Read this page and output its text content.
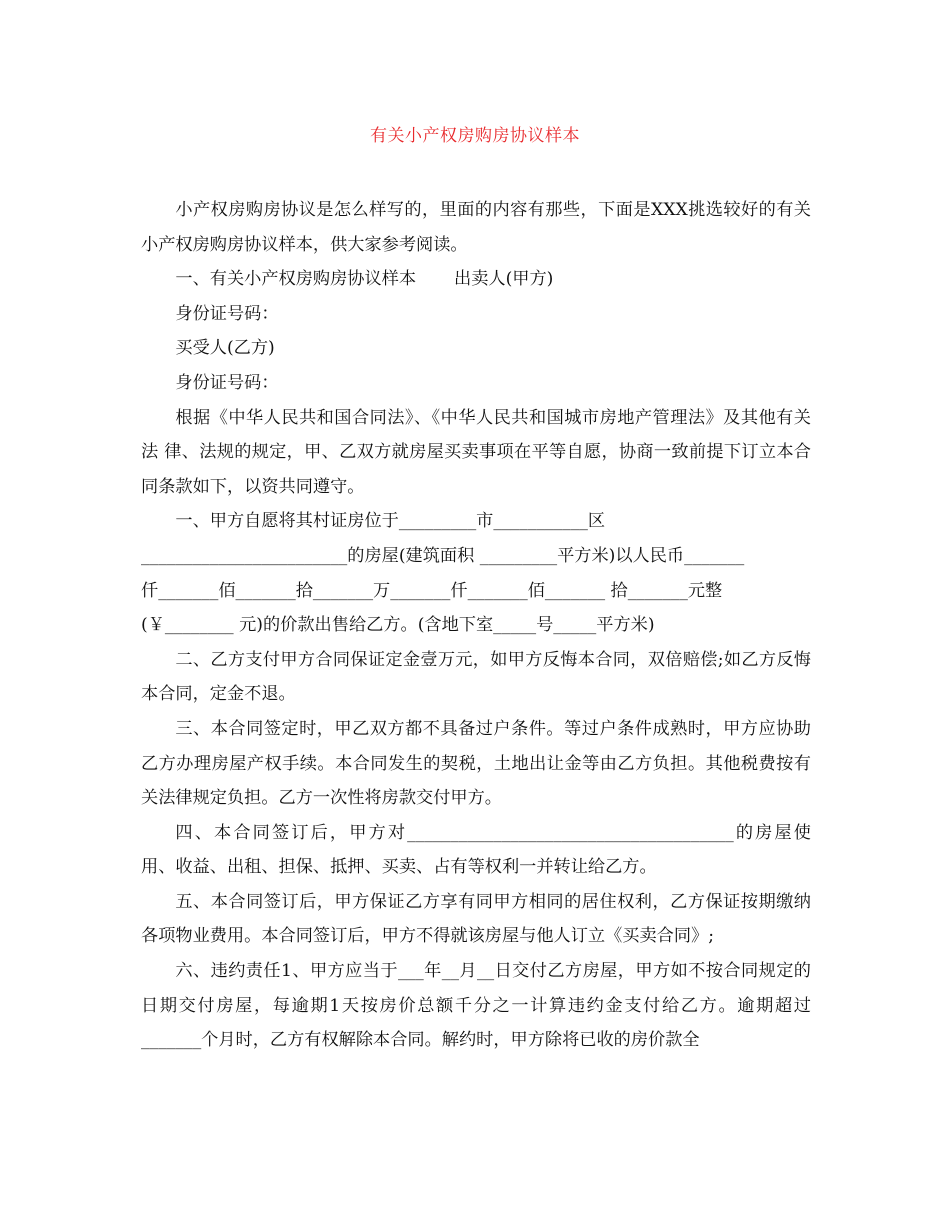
有关小产权房购房协议样本

小产权房购房协议是怎么样写的，里面的内容有那些，下面是XXX挑选较好的有关小产权房购房协议样本，供大家参考阅读。

一、有关小产权房购房协议样本 出卖人(甲方)

身份证号码：

买受人(乙方)

身份证号码：

根据《中华人民共和国合同法》、《中华人民共和国城市房地产管理法》及其他有关法 律、法规的规定，甲、乙双方就房屋买卖事项在平等自愿，协商一致前提下订立本合同条款如下，以资共同遵守。

一、甲方自愿将其村证房位于_________市___________区

________________________的房屋(建筑面积 _________平方米)以人民币_______

仟_______佰_______拾_______万_______仟_______佰_______ 拾_______元整

(￥________ 元)的价款出售给乙方。(含地下室_____号_____平方米)

二、乙方支付甲方合同保证定金壹万元，如甲方反悔本合同，双倍赔偿;如乙方反悔本合同，定金不退。

三、本合同签定时，甲乙双方都不具备过户条件。等过户条件成熟时，甲方应协助乙方办理房屋产权手续。本合同发生的契税，土地出让金等由乙方负担。其他税费按有关法律规定负担。乙方一次性将房款交付甲方。

四、本合同签订后，甲方对______________________________________的房屋使用、收益、出租、担保、抵押、买卖、占有等权利一并转让给乙方。

五、本合同签订后，甲方保证乙方享有同甲方相同的居住权利，乙方保证按期缴纳各项物业费用。本合同签订后，甲方不得就该房屋与他人订立《买卖合同》;

六、违约责任1、甲方应当于___年__月__日交付乙方房屋，甲方如不按合同规定的日期交付房屋，每逾期1天按房价总额千分之一计算违约金支付给乙方。逾期超过_______个月时，乙方有权解除本合同。解约时，甲方除将已收的房价款全
